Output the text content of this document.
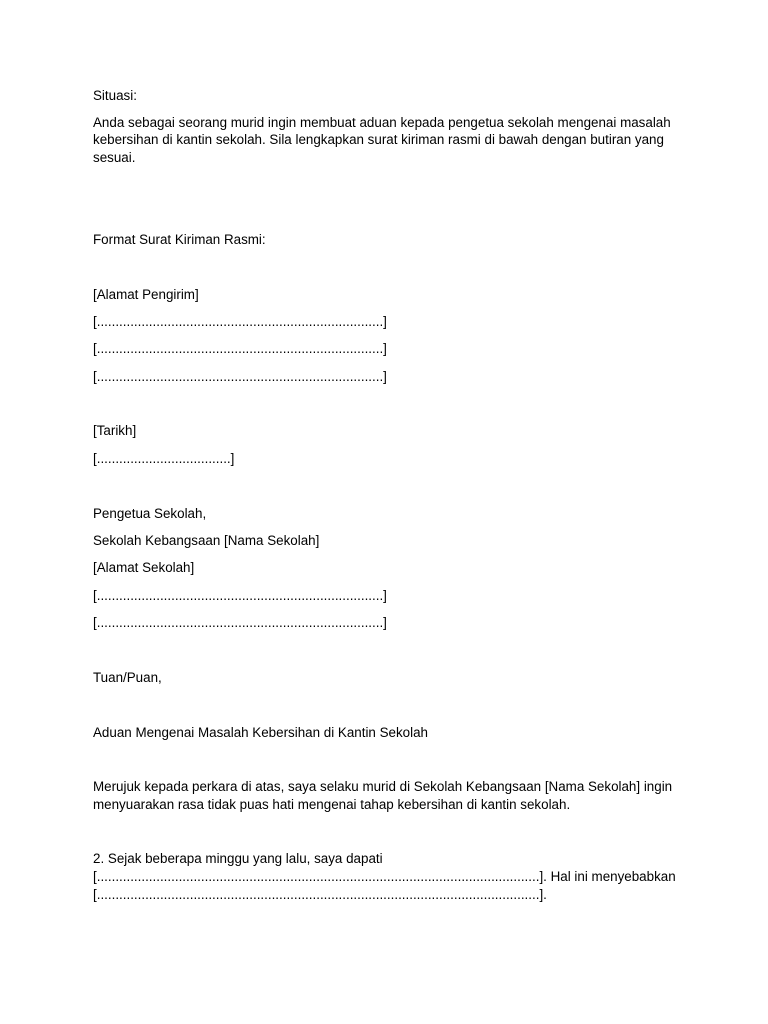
Situasi:
Anda sebagai seorang murid ingin membuat aduan kepada pengetua sekolah mengenai masalah
kebersihan di kantin sekolah. Sila lengkapkan surat kiriman rasmi di bawah dengan butiran yang
sesuai.
Format Surat Kiriman Rasmi:
[Alamat Pengirim]
[.............................................................................]
[.............................................................................]
[.............................................................................]
[Tarikh]
[....................................]
Pengetua Sekolah,
Sekolah Kebangsaan [Nama Sekolah]
[Alamat Sekolah]
[.............................................................................]
[.............................................................................]
Tuan/Puan,
Aduan Mengenai Masalah Kebersihan di Kantin Sekolah
Merujuk kepada perkara di atas, saya selaku murid di Sekolah Kebangsaan [Nama Sekolah] ingin
menyuarakan rasa tidak puas hati mengenai tahap kebersihan di kantin sekolah.
2. Sejak beberapa minggu yang lalu, saya dapati
[.......................................................................................................................]. Hal ini menyebabkan
[.......................................................................................................................].
